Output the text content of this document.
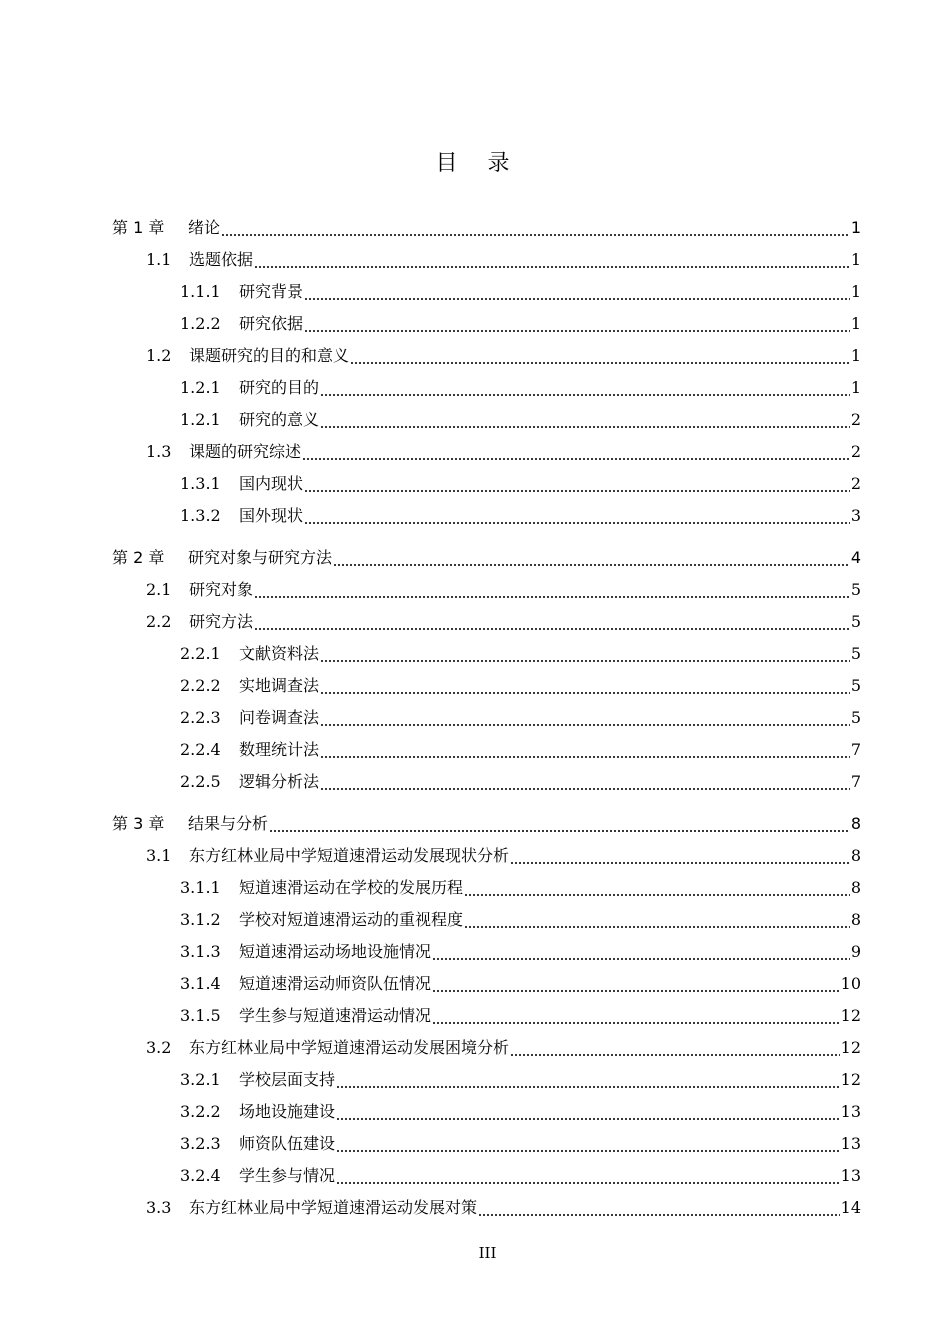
目录
第 1 章	绪论	1
1.1	选题依据	1
1.1.1	研究背景	1
1.2.2	研究依据	1
1.2	课题研究的目的和意义	1
1.2.1	研究的目的	1
1.2.1	研究的意义	2
1.3	课题的研究综述	2
1.3.1	国内现状	2
1.3.2	国外现状	3
第 2 章	研究对象与研究方法	4
2.1	研究对象	5
2.2	研究方法	5
2.2.1	文献资料法	5
2.2.2	实地调查法	5
2.2.3	问卷调查法	5
2.2.4	数理统计法	7
2.2.5	逻辑分析法	7
第 3 章	结果与分析	8
3.1	东方红林业局中学短道速滑运动发展现状分析	8
3.1.1	短道速滑运动在学校的发展历程	8
3.1.2	学校对短道速滑运动的重视程度	8
3.1.3	短道速滑运动场地设施情况	9
3.1.4	短道速滑运动师资队伍情况	10
3.1.5	学生参与短道速滑运动情况	12
3.2	东方红林业局中学短道速滑运动发展困境分析	12
3.2.1	学校层面支持	12
3.2.2	场地设施建设	13
3.2.3	师资队伍建设	13
3.2.4	学生参与情况	13
3.3	东方红林业局中学短道速滑运动发展对策	14
III
